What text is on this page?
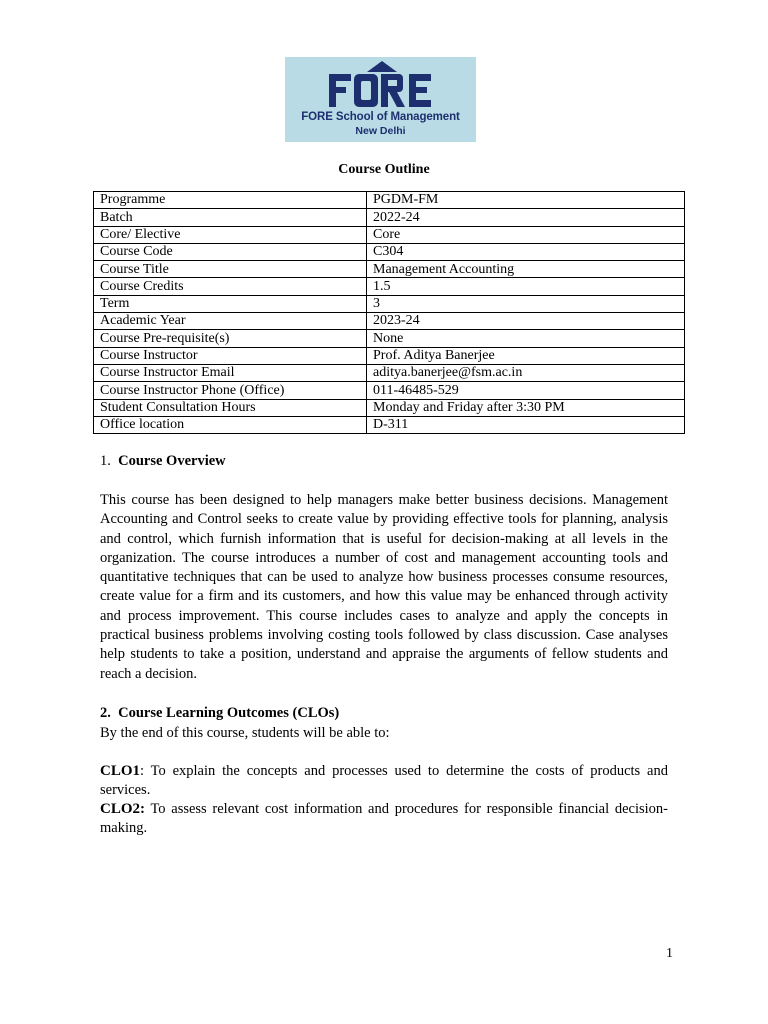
FORE School of Management
New Delhi
Course Outline
Programme	PGDM-FM
Batch	2022-24
Core/ Elective	Core
Course Code	C304
Course Title	Management Accounting
Course Credits	1.5
Term	3
Academic Year	2023-24
Course Pre-requisite(s)	None
Course Instructor	Prof. Aditya Banerjee
Course Instructor Email	aditya.banerjee@fsm.ac.in
Course Instructor Phone (Office)	011-46485-529
Student Consultation Hours	Monday and Friday after 3:30 PM
Office location	D-311
1. Course Overview
This course has been designed to help managers make better business decisions. Management Accounting and Control seeks to create value by providing effective tools for planning, analysis and control, which furnish information that is useful for decision-making at all levels in the organization. The course introduces a number of cost and management accounting tools and quantitative techniques that can be used to analyze how business processes consume resources, create value for a firm and its customers, and how this value may be enhanced through activity and process improvement. This course includes cases to analyze and apply the concepts in practical business problems involving costing tools followed by class discussion. Case analyses help students to take a position, understand and appraise the arguments of fellow students and reach a decision.
2. Course Learning Outcomes (CLOs)
By the end of this course, students will be able to:
CLO1: To explain the concepts and processes used to determine the costs of products and services.
CLO2: To assess relevant cost information and procedures for responsible financial decision-making.
1
